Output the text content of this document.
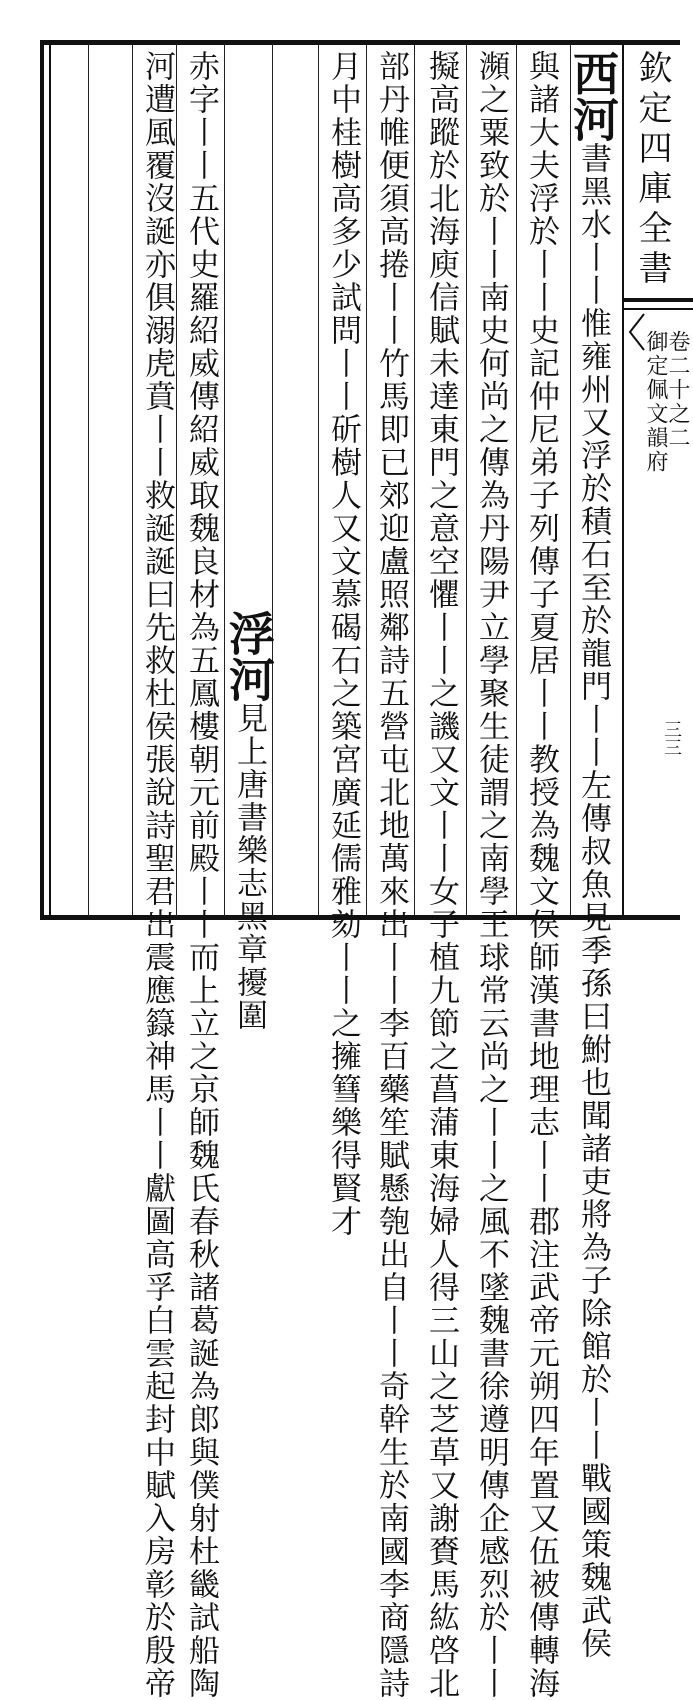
欽定四庫全書
御定佩文韻府
卷二十之二
三三
西河書黑水丨丨惟雍州又浮於積石至於龍門丨丨左傳叔魚見季孫曰鮒也聞諸吏將為子除館於丨丨戰國策魏武侯
與諸大夫浮於丨丨史記仲尼弟子列傳子夏居丨丨教授為魏文侯師漢書地理志丨丨郡注武帝元朔四年置又伍被傳轉海
瀕之粟致於丨丨南史何尚之傳為丹陽尹立學聚生徒謂之南學王球常云尚之丨丨之風不墜魏書徐遵明傳企感烈於丨丨
擬高蹤於北海庾信賦未達東門之意空懼丨丨之譏又文丨丨女子植九節之菖蒲東海婦人得三山之芝草又謝賚馬紘啓北
部丹帷便須高捲丨丨竹馬即已郊迎盧照鄰詩五營屯北地萬來出丨丨李百藥笙賦懸匏出自丨丨奇幹生於南國李商隱詩
月中桂樹高多少試問丨丨斫樹人又文慕碣石之築宮廣延儒雅劾丨丨之擁篲樂得賢才
浮河見上唐書樂志黑章擾圍
赤字丨丨五代史羅紹威傳紹威取魏良材為五鳳樓朝元前殿丨丨而上立之京師魏氏春秋諸葛誕為郎與僕射杜畿試船陶
河遭風覆沒誕亦俱溺虎賁丨丨救誕誕曰先救杜侯張說詩聖君出震應籙神馬丨丨獻圖高孚白雲起封中賦入房彰於殷帝
